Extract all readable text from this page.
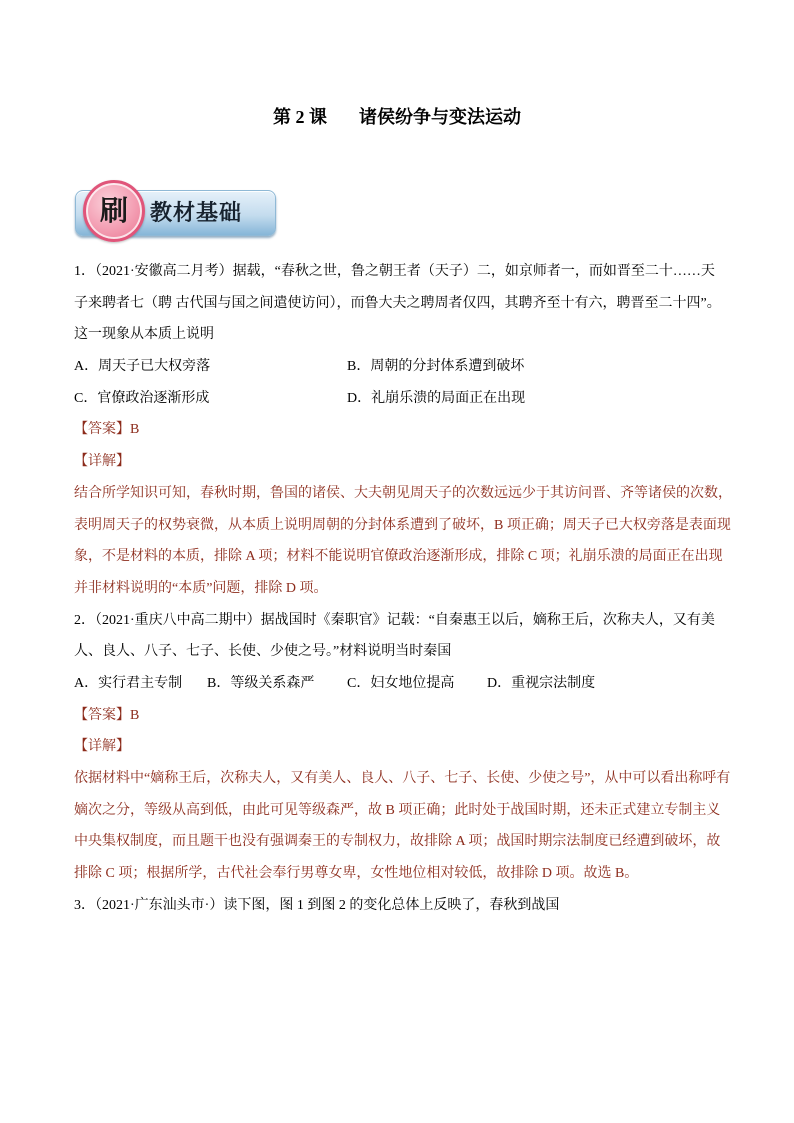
第 2 课 诸侯纷争与变法运动
刷	教材基础
1．（2021·安徽高二月考）据载，“春秋之世，鲁之朝王者（天子）二，如京师者一，而如晋至二十……天
子来聘者七（聘 古代国与国之间遣使访问），而鲁大夫之聘周者仅四，其聘齐至十有六，聘晋至二十四”。
这一现象从本质上说明
A．周天子已大权旁落	B．周朝的分封体系遭到破坏
C．官僚政治逐渐形成	D．礼崩乐溃的局面正在出现
【答案】B
【详解】
结合所学知识可知，春秋时期，鲁国的诸侯、大夫朝见周天子的次数远远少于其访问晋、齐等诸侯的次数，
表明周天子的权势衰微，从本质上说明周朝的分封体系遭到了破坏，B 项正确；周天子已大权旁落是表面现
象，不是材料的本质，排除 A 项；材料不能说明官僚政治逐渐形成，排除 C 项；礼崩乐溃的局面正在出现
并非材料说明的“本质”问题，排除 D 项。
2．（2021·重庆八中高二期中）据战国时《秦职官》记载：“自秦惠王以后，嫡称王后，次称夫人，又有美
人、良人、八子、七子、长使、少使之号。”材料说明当时秦国
A．实行君主专制 B．等级关系森严 C．妇女地位提高 D．重视宗法制度
【答案】B
【详解】
依据材料中“嫡称王后，次称夫人，又有美人、良人、八子、七子、长使、少使之号”，从中可以看出称呼有
嫡次之分，等级从高到低，由此可见等级森严，故 B 项正确；此时处于战国时期，还未正式建立专制主义
中央集权制度，而且题干也没有强调秦王的专制权力，故排除 A 项；战国时期宗法制度已经遭到破坏，故
排除 C 项；根据所学，古代社会奉行男尊女卑，女性地位相对较低，故排除 D 项。故选 B。
3．（2021·广东汕头市·）读下图，图 1 到图 2 的变化总体上反映了，春秋到战国
